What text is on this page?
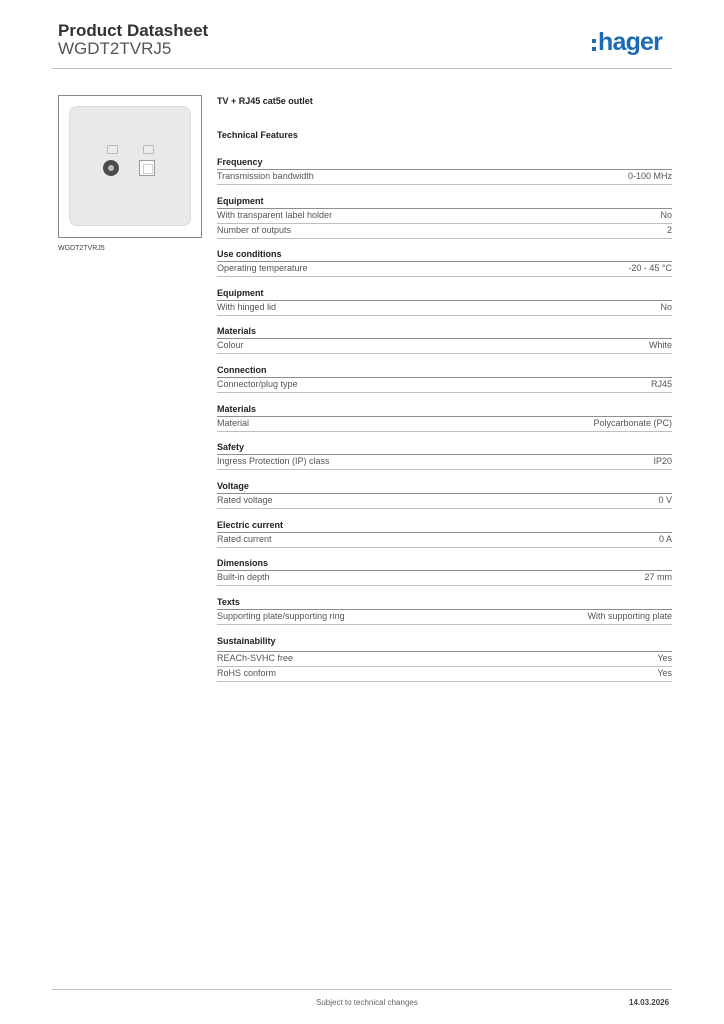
Product Datasheet
WGDT2TVRJ5	hager
WGDT2TVRJ5
TV + RJ45 cat5e outlet
Technical Features
Frequency
Transmission bandwidth	0-100 MHz
Equipment
With transparent label holder	No
Number of outputs	2
Use conditions
Operating temperature	-20 - 45 °C
Equipment
With hinged lid	No
Materials
Colour	White
Connection
Connector/plug type	RJ45
Materials
Material	Polycarbonate (PC)
Safety
Ingress Protection (IP) class	IP20
Voltage
Rated voltage	0 V
Electric current
Rated current	0 A
Dimensions
Built-in depth	27 mm
Texts
Supporting plate/supporting ring	With supporting plate
Sustainability
REACh-SVHC free	Yes
RoHS conform	Yes
Subject to technical changes	14.03.2026
